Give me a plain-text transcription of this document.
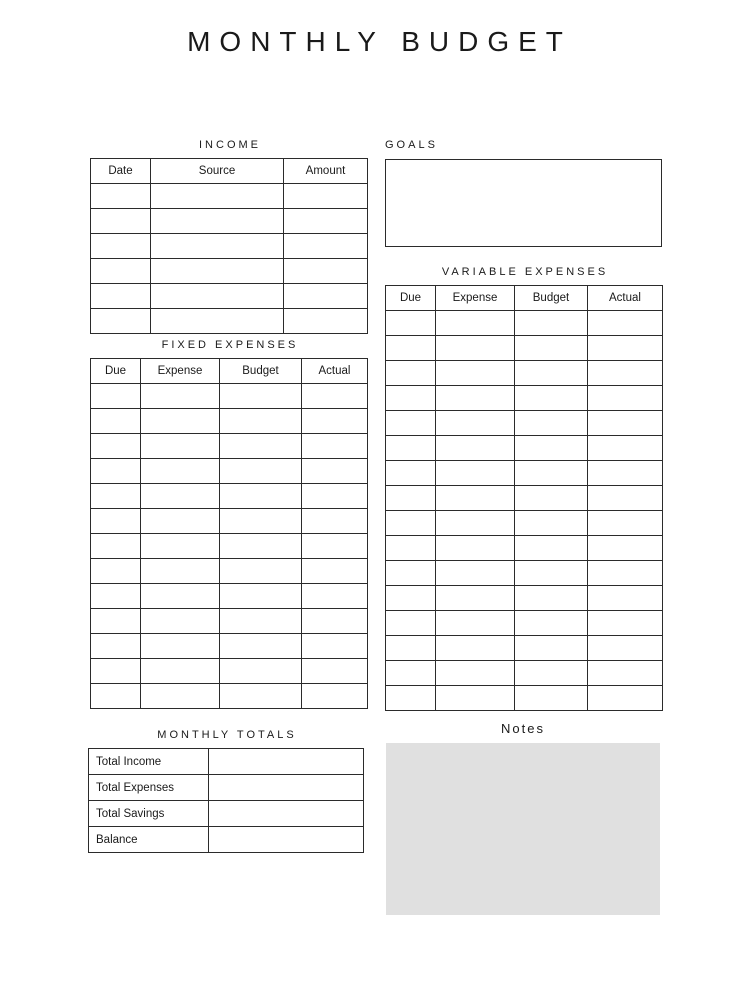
MONTHLY BUDGET
INCOME
Date	Source	Amount

GOALS
VARIABLE EXPENSES
Due	Expense	Budget	Actual

FIXED EXPENSES
Due	Expense	Budget	Actual

MONTHLY TOTALS
Total Income	
Total Expenses	
Total Savings	
Balance	
Notes
